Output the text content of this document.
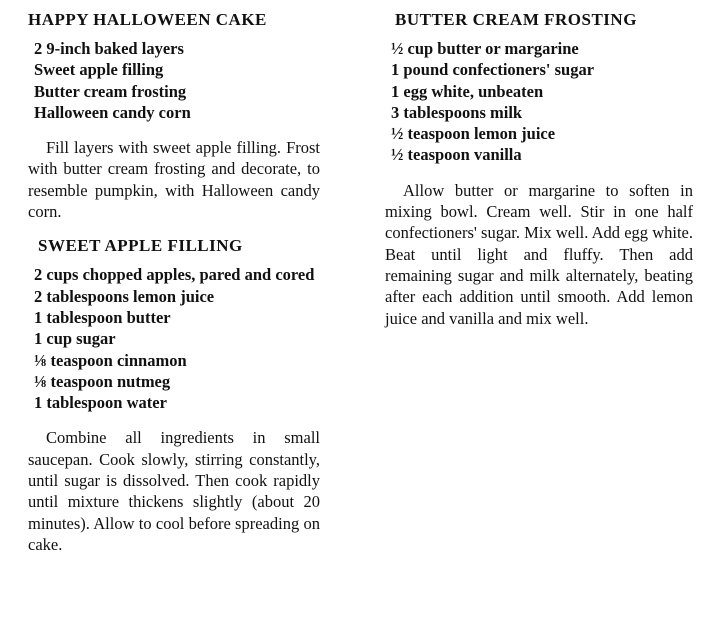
HAPPY HALLOWEEN CAKE
2 9-inch baked layers
Sweet apple filling
Butter cream frosting
Halloween candy corn

Fill layers with sweet apple filling. Frost with butter cream frosting and decorate, to resemble pumpkin, with Halloween candy corn.

SWEET APPLE FILLING
2 cups chopped apples, pared and cored
2 tablespoons lemon juice
1 tablespoon butter
1 cup sugar
⅛ teaspoon cinnamon
⅛ teaspoon nutmeg
1 tablespoon water

Combine all ingredients in small saucepan. Cook slowly, stirring constantly, until sugar is dissolved. Then cook rapidly until mixture thickens slightly (about 20 minutes). Allow to cool before spreading on cake.

BUTTER CREAM FROSTING
½ cup butter or margarine
1 pound confectioners' sugar
1 egg white, unbeaten
3 tablespoons milk
½ teaspoon lemon juice
½ teaspoon vanilla

Allow butter or margarine to soften in mixing bowl. Cream well. Stir in one half confectioners' sugar. Mix well. Add egg white. Beat until light and fluffy. Then add remaining sugar and milk alternately, beating after each addition until smooth. Add lemon juice and vanilla and mix well.
